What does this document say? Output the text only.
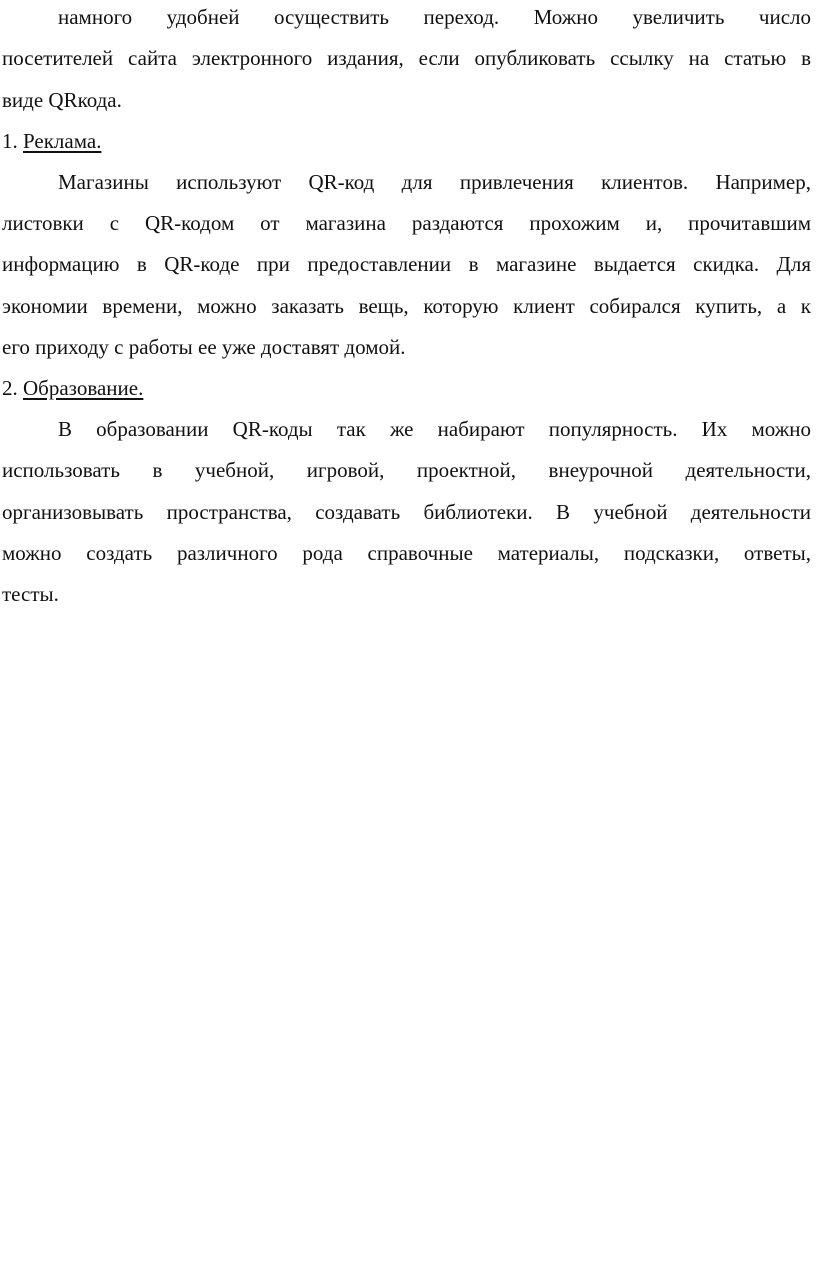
намного удобней осуществить переход. Можно увеличить число
посетителей сайта электронного издания, если опубликовать ссылку на статью в
виде QRкода.
1. Реклама.
Магазины используют QR-код для привлечения клиентов. Например,
листовки с QR-кодом от магазина раздаются прохожим и, прочитавшим
информацию в QR-коде при предоставлении в магазине выдается скидка. Для
экономии времени, можно заказать вещь, которую клиент собирался купить, а к
его приходу с работы ее уже доставят домой.
2. Образование.
В образовании QR-коды так же набирают популярность. Их можно
использовать в учебной, игровой, проектной, внеурочной деятельности,
организовывать пространства, создавать библиотеки. В учебной деятельности
можно создать различного рода справочные материалы, подсказки, ответы,
тесты.
